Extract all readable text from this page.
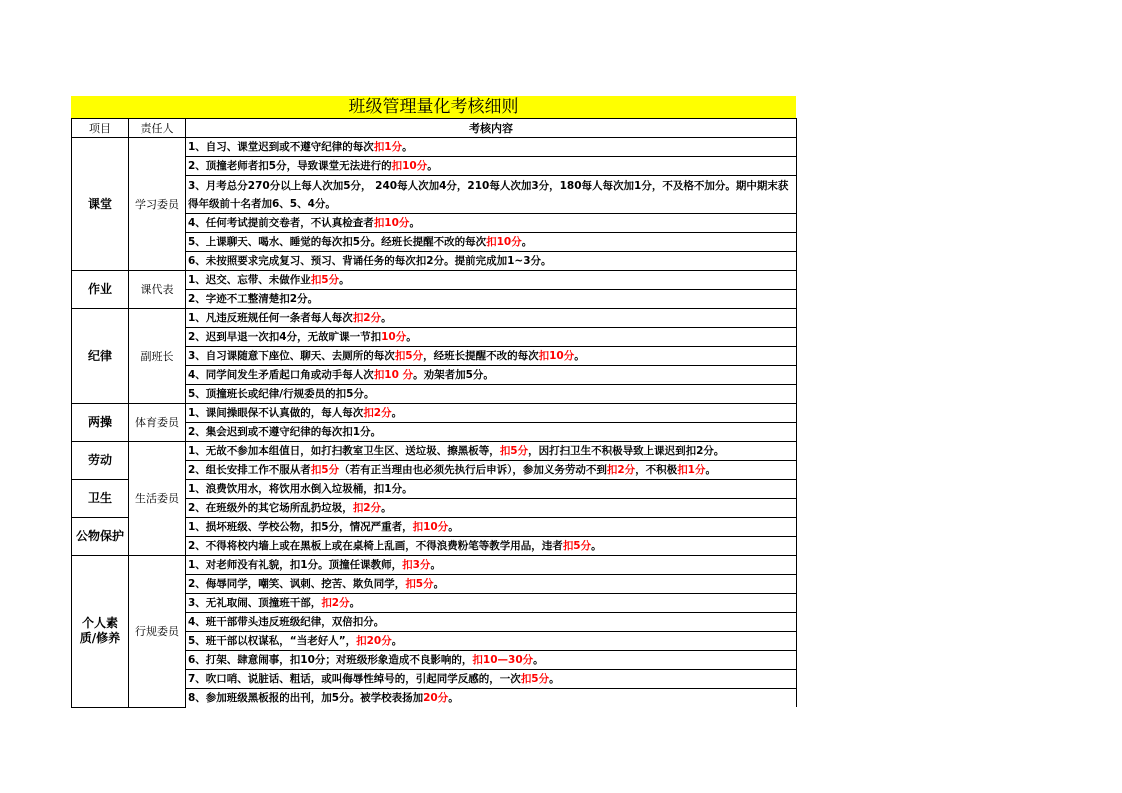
班级管理量化考核细则
项目	责任人	考核内容
课堂	学习委员	1、自习、课堂迟到或不遵守纪律的每次扣1分。
		2、顶撞老师者扣5分，导致课堂无法进行的扣10分。
		3、月考总分270分以上每人次加5分， 240每人次加4分，210每人次加3分，180每人每次加1分，不及格不加分。期中期末获得年级前十名者加6、5、4分。
		4、任何考试提前交卷者，不认真检查者扣10分。
		5、上课聊天、喝水、睡觉的每次扣5分。经班长提醒不改的每次扣10分。
		6、未按照要求完成复习、预习、背诵任务的每次扣2分。提前完成加1~3分。
作业	课代表	1、迟交、忘带、未做作业扣5分。
		2、字迹不工整清楚扣2分。
纪律	副班长	1、凡违反班规任何一条者每人每次扣2分。
		2、迟到早退一次扣4分，无故旷课一节扣10分。
		3、自习课随意下座位、聊天、去厕所的每次扣5分，经班长提醒不改的每次扣10分。
		4、同学间发生矛盾起口角或动手每人次扣10 分。劝架者加5分。
		5、顶撞班长或纪律/行规委员的扣5分。
两操	体育委员	1、课间操眼保不认真做的，每人每次扣2分。
		2、集会迟到或不遵守纪律的每次扣1分。
劳动	生活委员	1、无故不参加本组值日，如打扫教室卫生区、送垃圾、擦黑板等，扣5分，因打扫卫生不积极导致上课迟到扣2分。
		2、组长安排工作不服从者扣5分（若有正当理由也必须先执行后申诉），参加义务劳动不到扣2分，不积极扣1分。
卫生		1、浪费饮用水，将饮用水倒入垃圾桶，扣1分。
		2、在班级外的其它场所乱扔垃圾，扣2分。
公物保护		1、损坏班级、学校公物，扣5分，情况严重者，扣10分。
		2、不得将校内墙上或在黑板上或在桌椅上乱画，不得浪费粉笔等教学用品，违者扣5分。
个人素质/修养	行规委员	1、对老师没有礼貌，扣1分。顶撞任课教师，扣3分。
		2、侮辱同学，嘲笑、讽刺、挖苦、欺负同学，扣5分。
		3、无礼取闹、顶撞班干部，扣2分。
		4、班干部带头违反班级纪律，双倍扣分。
		5、班干部以权谋私，“当老好人”，扣20分。
		6、打架、肆意闹事，扣10分；对班级形象造成不良影响的，扣10—30分。
		7、吹口哨、说脏话、粗话，或叫侮辱性绰号的，引起同学反感的，一次扣5分。
		8、参加班级黑板报的出刊，加5分。被学校表扬加20分。
